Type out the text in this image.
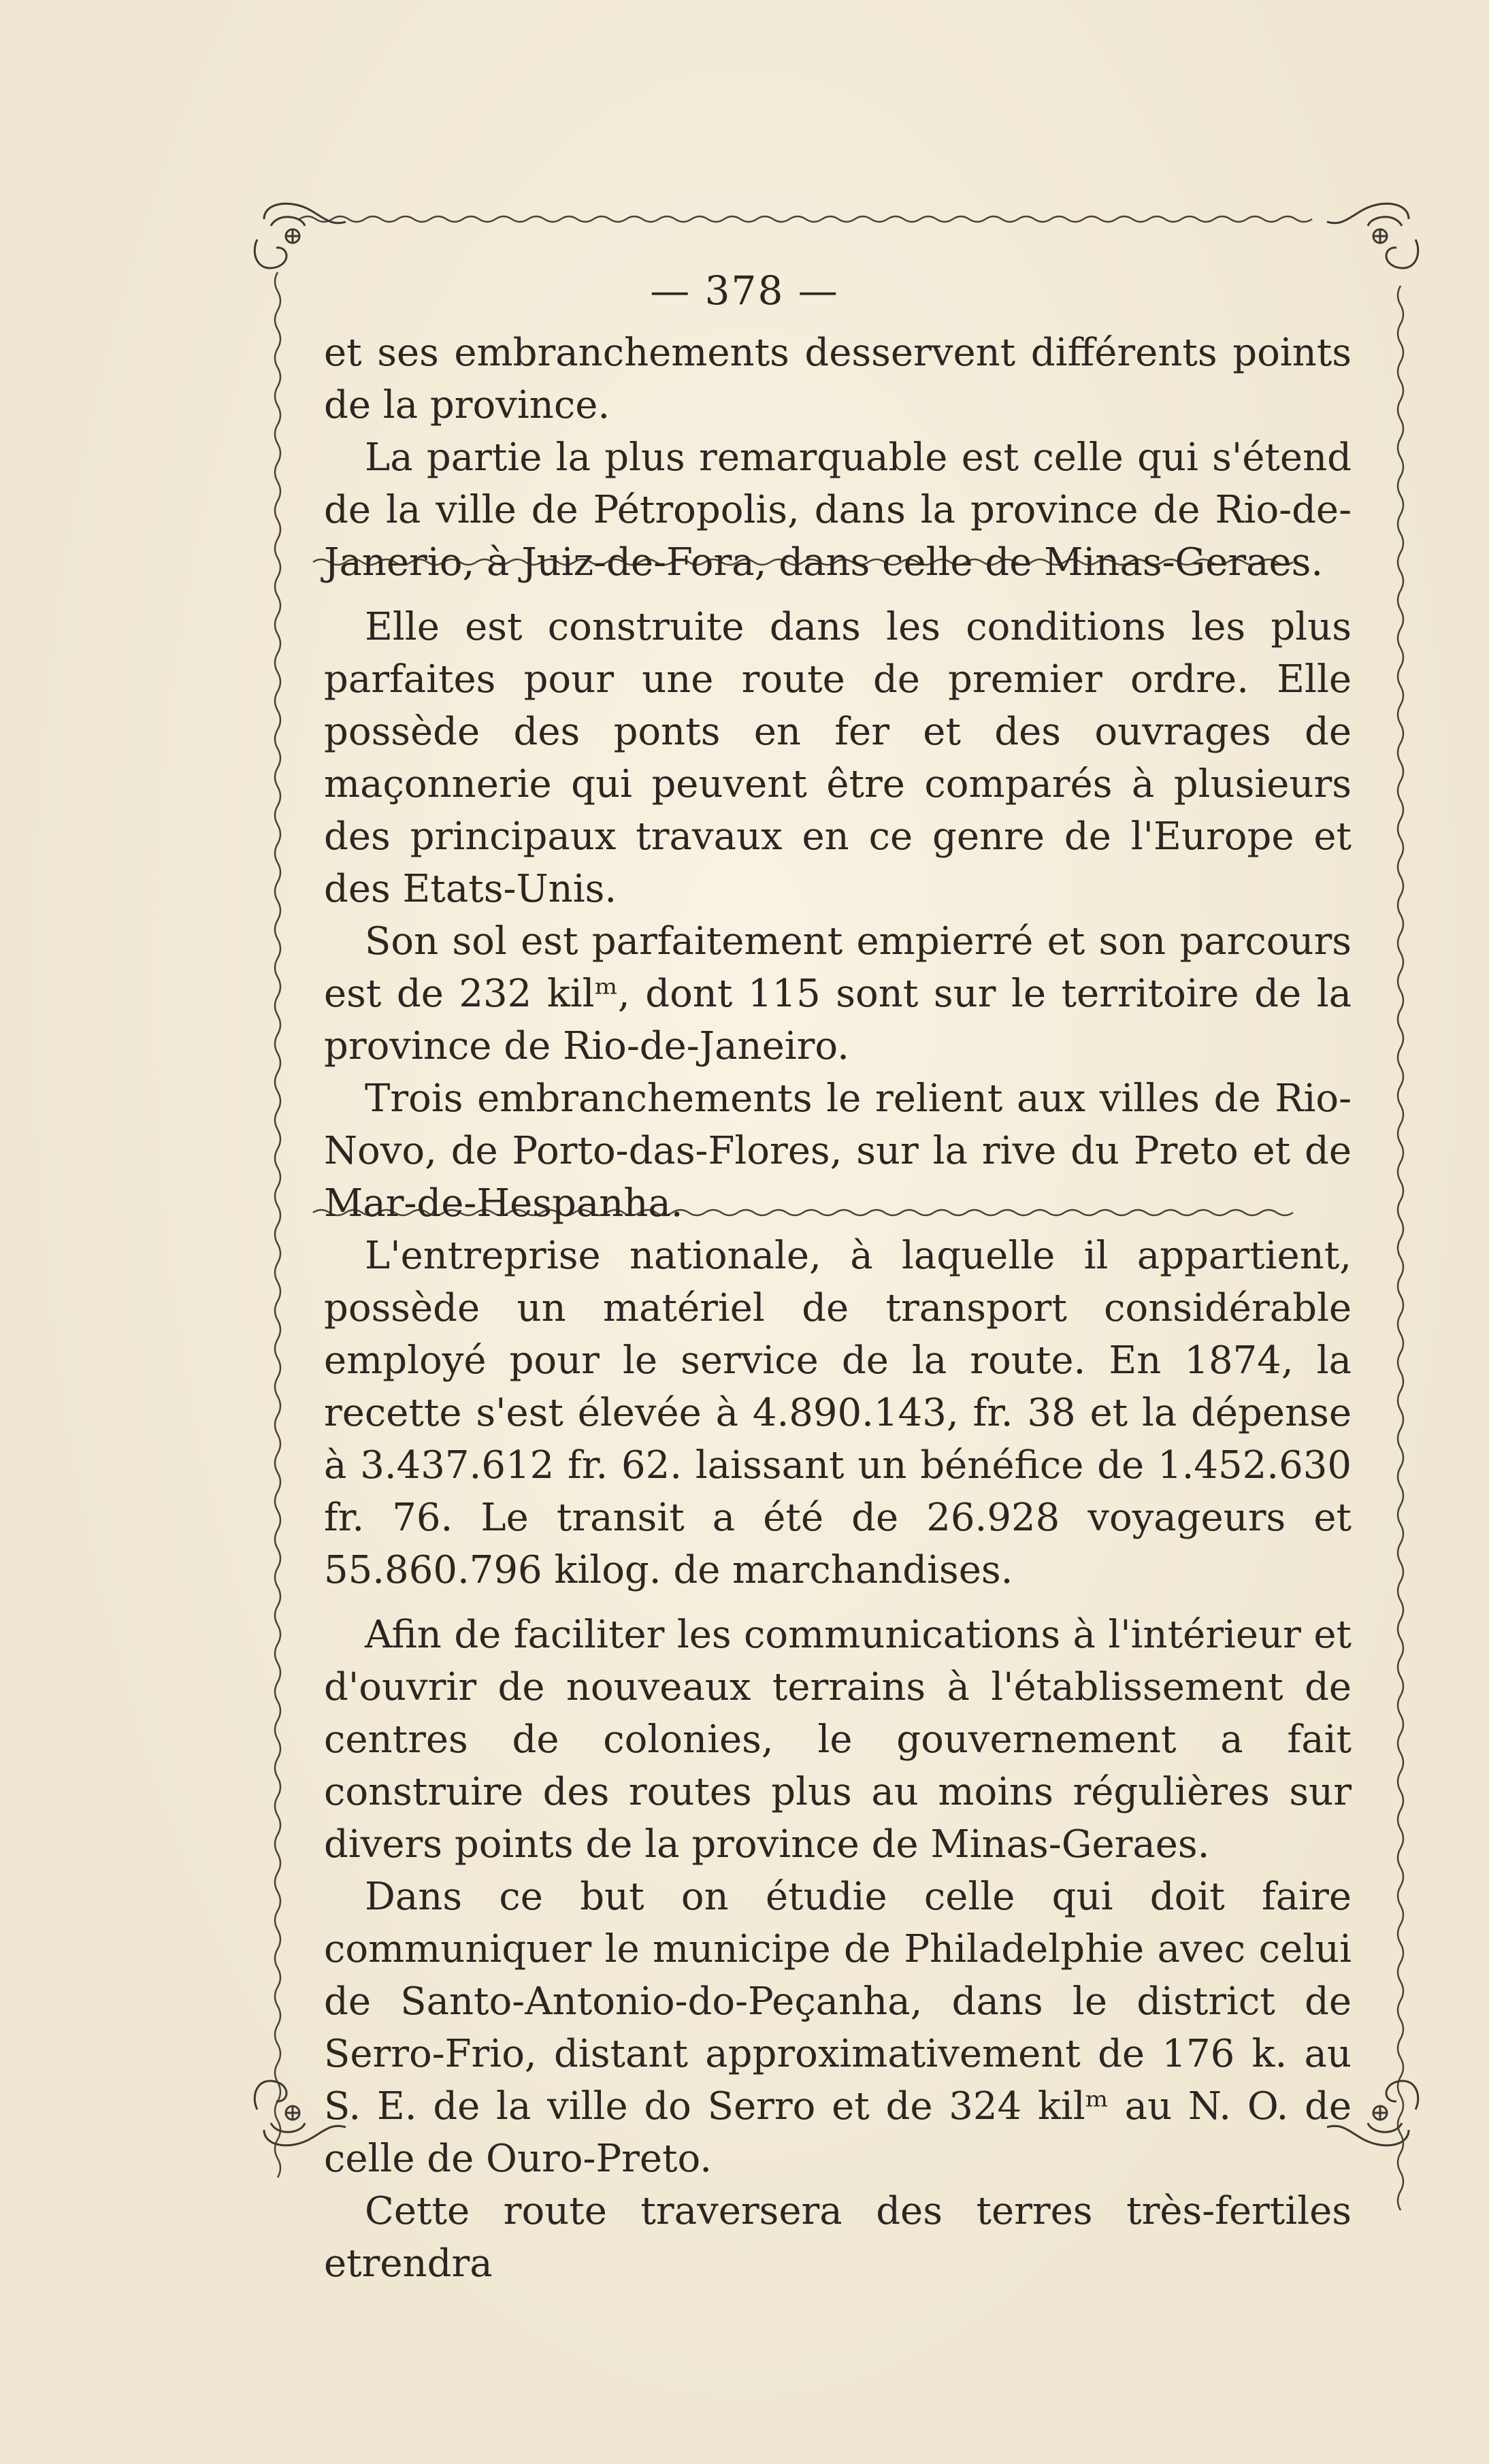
— 378 —

et ses embranchements desservent différents points de la province.

La partie la plus remarquable est celle qui s'étend de la ville de Pétropolis, dans la province de Rio-de-Janerio, à Juiz-de-Fora, dans celle de Minas-Geraes.

Elle est construite dans les conditions les plus parfaites pour une route de premier ordre. Elle possède des ponts en fer et des ouvrages de maçonnerie qui peuvent être comparés à plusieurs des principaux travaux en ce genre de l'Europe et des Etats-Unis.

Son sol est parfaitement empierré et son parcours est de 232 kilᵐ, dont 115 sont sur le territoire de la province de Rio-de-Janeiro.

Trois embranchements le relient aux villes de Rio-Novo, de Porto-das-Flores, sur la rive du Preto et de Mar-de-Hespanha.

L'entreprise nationale, à laquelle il appartient, possède un matériel de transport considérable employé pour le service de la route. En 1874, la recette s'est élevée à 4.890.143, fr. 38 et la dépense à 3.437.612 fr. 62. laissant un bénéfice de 1.452.630 fr. 76. Le transit a été de 26.928 voyageurs et 55.860.796 kilog. de marchandises.

Afin de faciliter les communications à l'intérieur et d'ouvrir de nouveaux terrains à l'établissement de centres de colonies, le gouvernement a fait construire des routes plus au moins régulières sur divers points de la province de Minas-Geraes.

Dans ce but on étudie celle qui doit faire communiquer le municipe de Philadelphie avec celui de Santo-Antonio-do-Peçanha, dans le district de Serro-Frio, distant approximativement de 176 k. au S. E. de la ville do Serro et de 324 kilᵐ au N. O. de celle de Ouro-Preto.

Cette route traversera des terres très-fertiles etrendra
